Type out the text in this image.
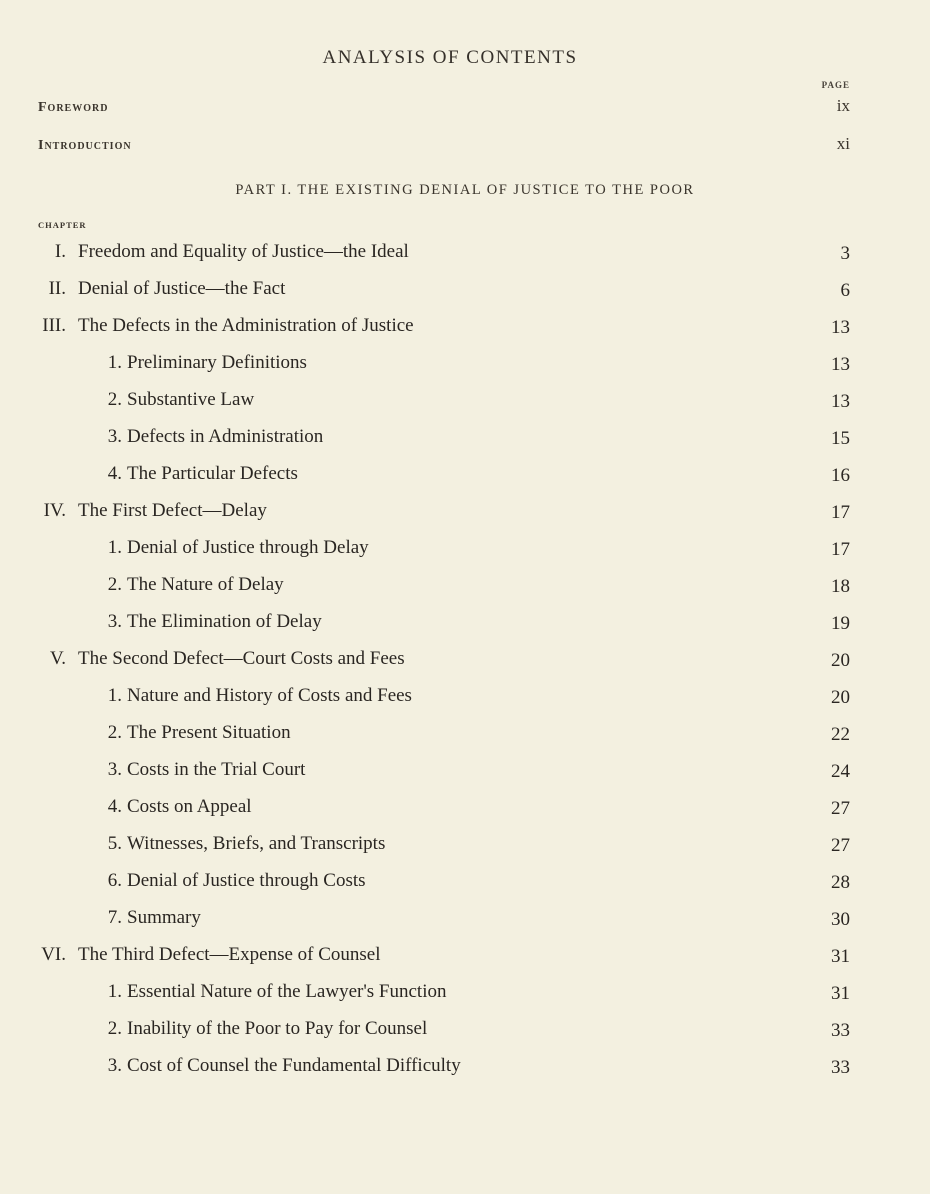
ANALYSIS OF CONTENTS
PAGE
Foreword	ix
Introduction	xi
PART I. THE EXISTING DENIAL OF JUSTICE TO THE POOR
CHAPTER
I. Freedom and Equality of Justice—the Ideal	3
II. Denial of Justice—the Fact	6
III. The Defects in the Administration of Justice	13
1. Preliminary Definitions	13
2. Substantive Law	13
3. Defects in Administration	15
4. The Particular Defects	16
IV. The First Defect—Delay	17
1. Denial of Justice through Delay	17
2. The Nature of Delay	18
3. The Elimination of Delay	19
V. The Second Defect—Court Costs and Fees	20
1. Nature and History of Costs and Fees	20
2. The Present Situation	22
3. Costs in the Trial Court	24
4. Costs on Appeal	27
5. Witnesses, Briefs, and Transcripts	27
6. Denial of Justice through Costs	28
7. Summary	30
VI. The Third Defect—Expense of Counsel	31
1. Essential Nature of the Lawyer's Function	31
2. Inability of the Poor to Pay for Counsel	33
3. Cost of Counsel the Fundamental Difficulty	33
